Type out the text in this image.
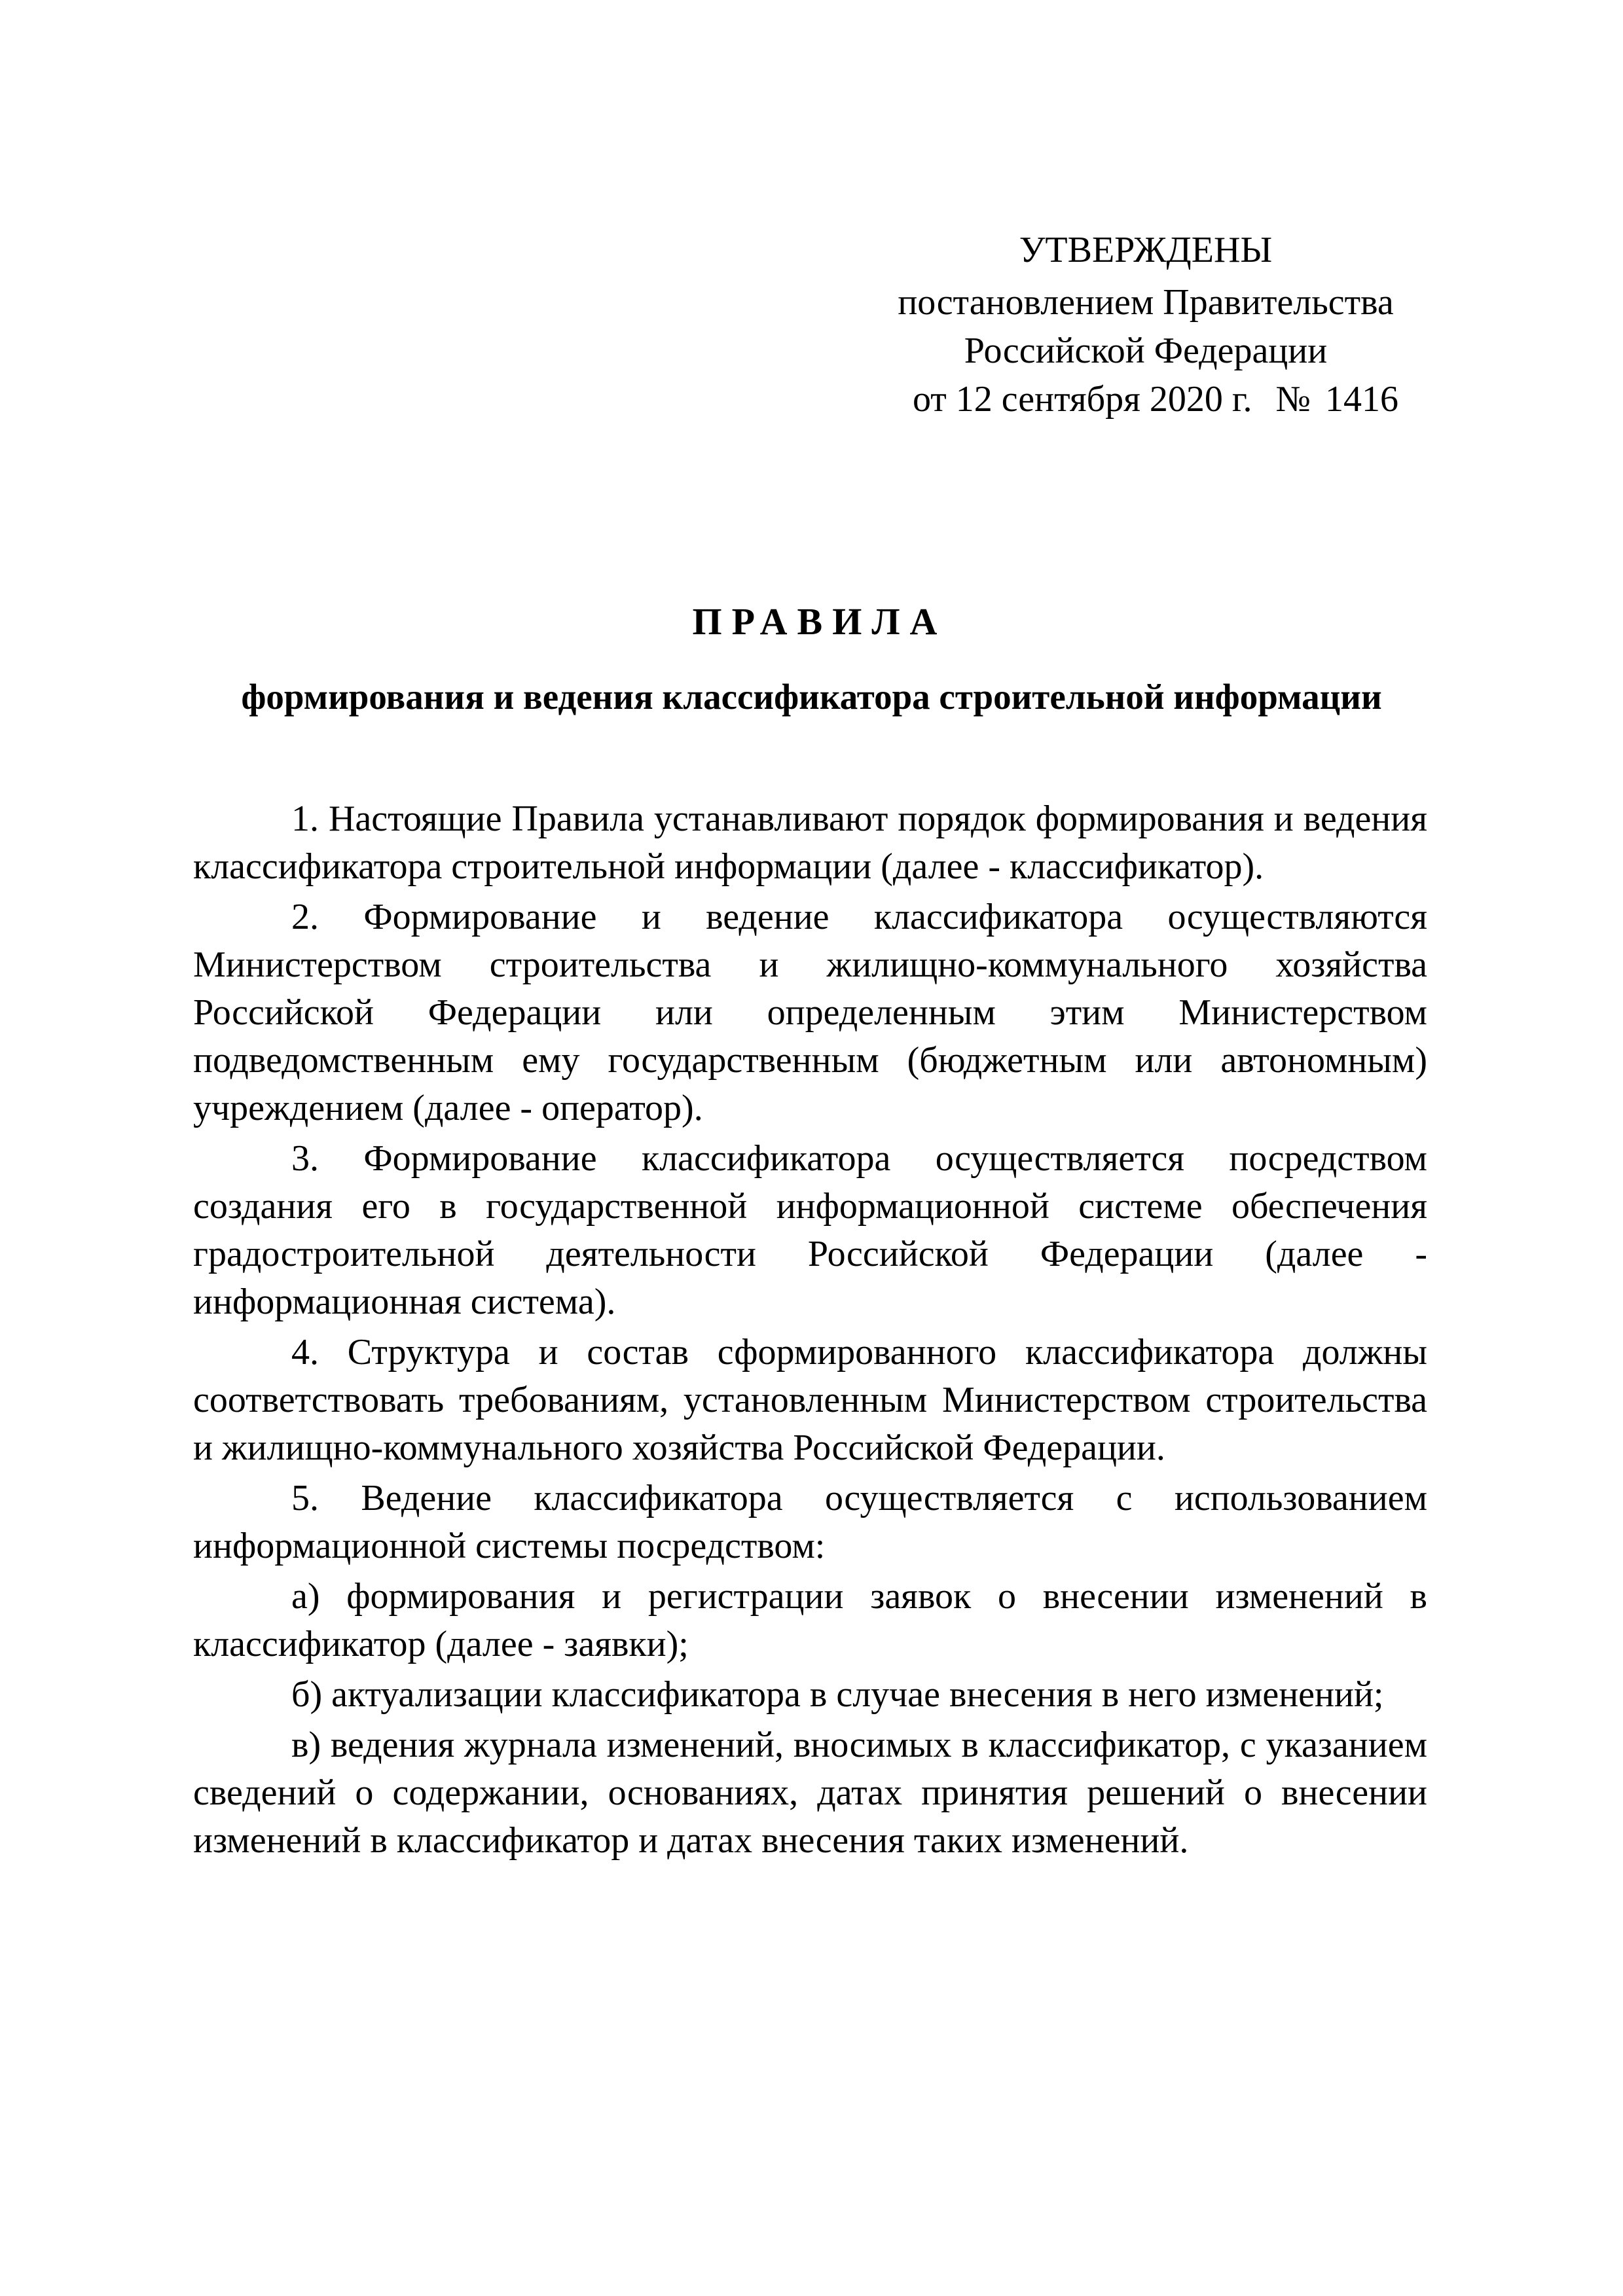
УТВЕРЖДЕНЫ
постановлением Правительства
Российской Федерации
от 12 сентября 2020 г. № 1416
ПРАВИЛА
формирования и ведения классификатора строительной информации

1. Настоящие Правила устанавливают порядок формирования и ведения классификатора строительной информации (далее - классификатор).

2. Формирование и ведение классификатора осуществляются Министерством строительства и жилищно-коммунального хозяйства Российской Федерации или определенным этим Министерством подведомственным ему государственным (бюджетным или автономным) учреждением (далее - оператор).

3. Формирование классификатора осуществляется посредством создания его в государственной информационной системе обеспечения градостроительной деятельности Российской Федерации (далее - информационная система).

4. Структура и состав сформированного классификатора должны соответствовать требованиям, установленным Министерством строительства и жилищно-коммунального хозяйства Российской Федерации.

5. Ведение классификатора осуществляется с использованием информационной системы посредством:

а) формирования и регистрации заявок о внесении изменений в классификатор (далее - заявки);

б) актуализации классификатора в случае внесения в него изменений;

в) ведения журнала изменений, вносимых в классификатор, с указанием сведений о содержании, основаниях, датах принятия решений о внесении изменений в классификатор и датах внесения таких изменений.
